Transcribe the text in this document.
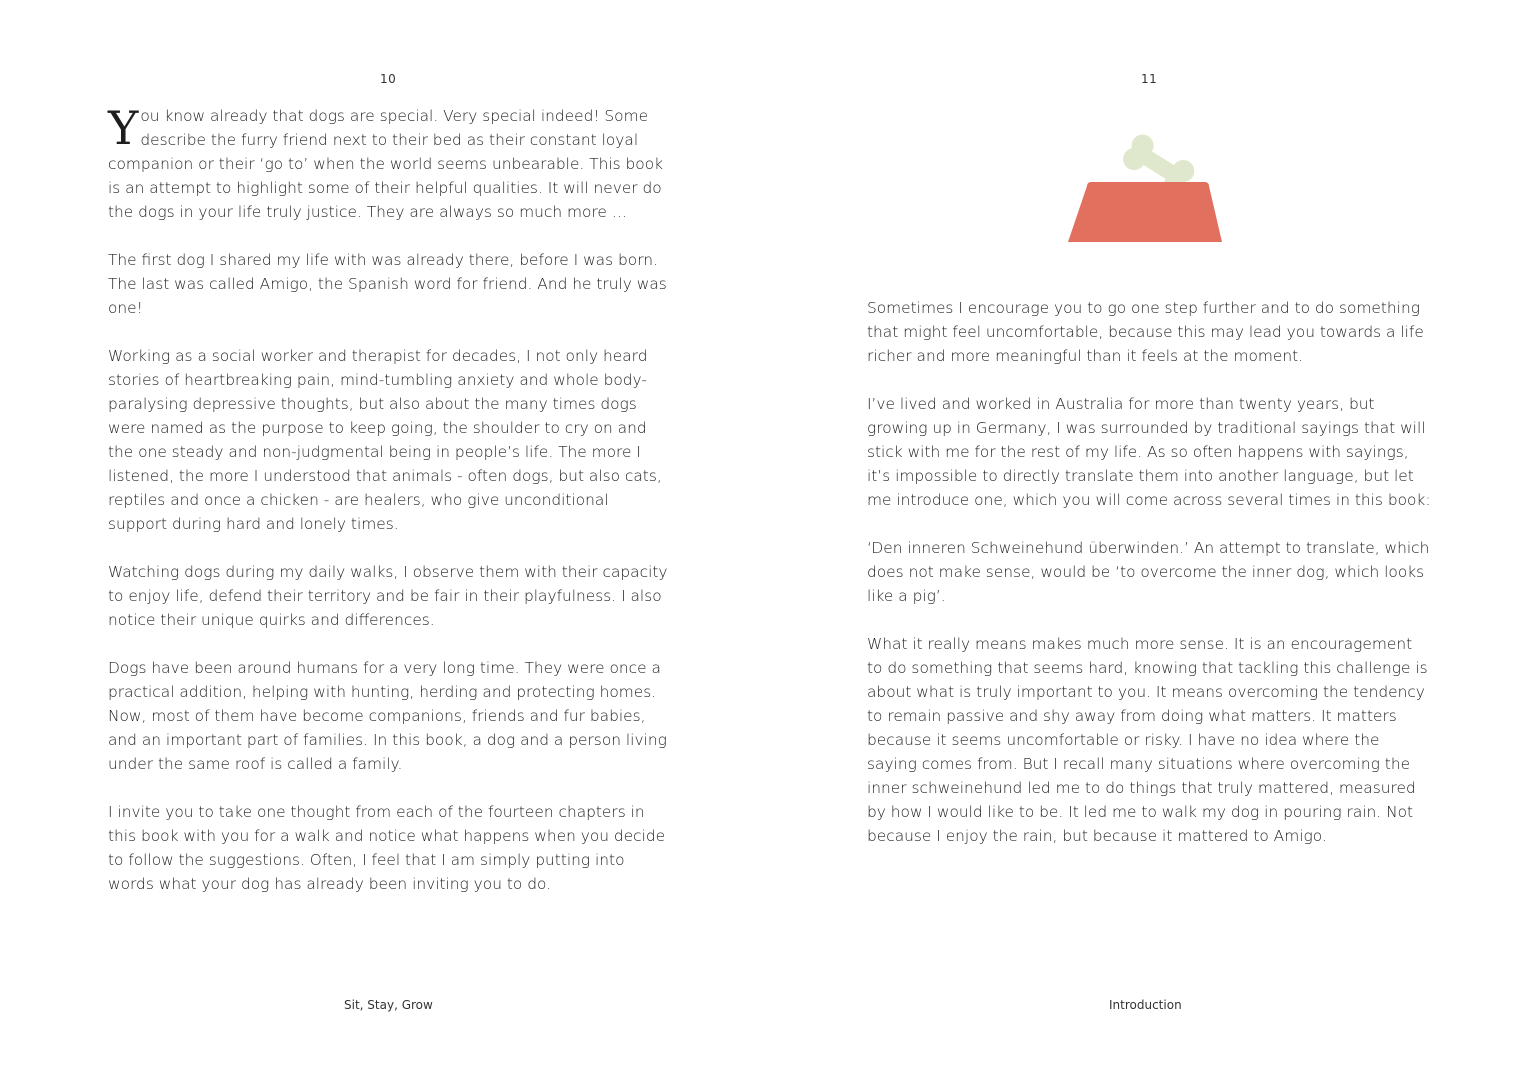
10

You know already that dogs are special. Very special indeed! Some describe the furry friend next to their bed as their constant loyal companion or their ‘go to’ when the world seems unbearable. This book is an attempt to highlight some of their helpful qualities. It will never do the dogs in your life truly justice. They are always so much more …

The first dog I shared my life with was already there, before I was born. The last was called Amigo, the Spanish word for friend. And he truly was one!

Working as a social worker and therapist for decades, I not only heard stories of heartbreaking pain, mind-tumbling anxiety and whole body-paralysing depressive thoughts, but also about the many times dogs were named as the purpose to keep going, the shoulder to cry on and the one steady and non-judgmental being in people’s life. The more I listened, the more I understood that animals - often dogs, but also cats, reptiles and once a chicken - are healers, who give unconditional support during hard and lonely times.

Watching dogs during my daily walks, I observe them with their capacity to enjoy life, defend their territory and be fair in their playfulness. I also notice their unique quirks and differences.

Dogs have been around humans for a very long time. They were once a practical addition, helping with hunting, herding and protecting homes. Now, most of them have become companions, friends and fur babies, and an important part of families. In this book, a dog and a person living under the same roof is called a family.

I invite you to take one thought from each of the fourteen chapters in this book with you for a walk and notice what happens when you decide to follow the suggestions. Often, I feel that I am simply putting into words what your dog has already been inviting you to do.

Sit, Stay, Grow
11

Sometimes I encourage you to go one step further and to do something that might feel uncomfortable, because this may lead you towards a life richer and more meaningful than it feels at the moment.

I’ve lived and worked in Australia for more than twenty years, but growing up in Germany, I was surrounded by traditional sayings that will stick with me for the rest of my life. As so often happens with sayings, it’s impossible to directly translate them into another language, but let me introduce one, which you will come across several times in this book:

‘Den inneren Schweinehund überwinden.’ An attempt to translate, which does not make sense, would be ‘to overcome the inner dog, which looks like a pig’.

What it really means makes much more sense. It is an encouragement to do something that seems hard, knowing that tackling this challenge is about what is truly important to you. It means overcoming the tendency to remain passive and shy away from doing what matters. It matters because it seems uncomfortable or risky. I have no idea where the saying comes from. But I recall many situations where overcoming the inner schweinehund led me to do things that truly mattered, measured by how I would like to be. It led me to walk my dog in pouring rain. Not because I enjoy the rain, but because it mattered to Amigo.

Introduction
